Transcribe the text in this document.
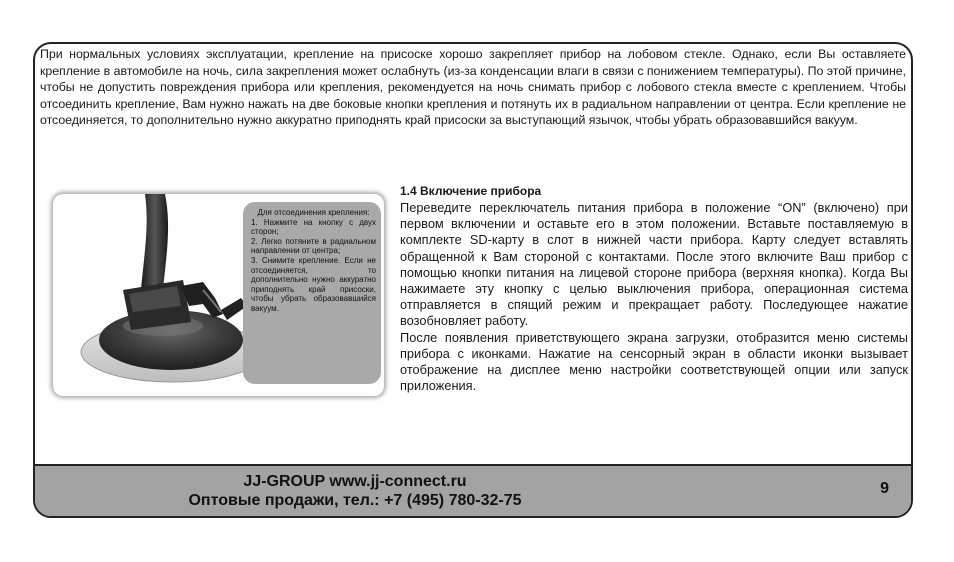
При нормальных условиях эксплуатации, крепление на присоске хорошо закрепляет прибор на лобовом стекле. Однако, если Вы оставляете крепление в автомобиле на ночь, сила закрепления может ослабнуть (из-за конденсации влаги в связи с понижением температуры). По этой причине, чтобы не допустить повреждения прибора или крепления, рекомендуется на ночь снимать прибор с лобового стекла вместе с креплением. Чтобы отсоединить крепление, Вам нужно нажать на две боковые кнопки крепления и потянуть их в радиальном направлении от центра. Если крепление не отсоединяется, то дополнительно нужно аккуратно приподнять край присоски за выступающий язычок, чтобы убрать образовавшийся вакуум.

Для отсоединения крепления:
1. Нажмите на кнопку с двух сторон;
2. Легко потяните в радиальном направлении от центра;
3. Снимите крепление. Если не отсоединяется, то дополнительно нужно аккуратно приподнять край присоски, чтобы убрать образовавшийся вакуум.
1.4 Включение прибора

Переведите переключатель питания прибора в положение “ON” (включено) при первом включении и оставьте его в этом положении. Вставьте поставляемую в комплекте SD-карту в слот в нижней части прибора. Карту следует вставлять обращенной к Вам стороной с контактами. После этого включите Ваш прибор с помощью кнопки питания на лицевой стороне прибора (верхняя кнопка). Когда Вы нажимаете эту кнопку с целью выключения прибора, операционная система отправляется в спящий режим и прекращает работу. Последующее нажатие возобновляет работу.

После появления приветствующего экрана загрузки, отобразится меню системы прибора с иконками. Нажатие на сенсорный экран в области иконки вызывает отображение на дисплее меню настройки соответствующей опции или запуск приложения.

JJ-GROUP www.jj-connect.ru
Оптовые продажи, тел.: +7 (495) 780-32-75
9
